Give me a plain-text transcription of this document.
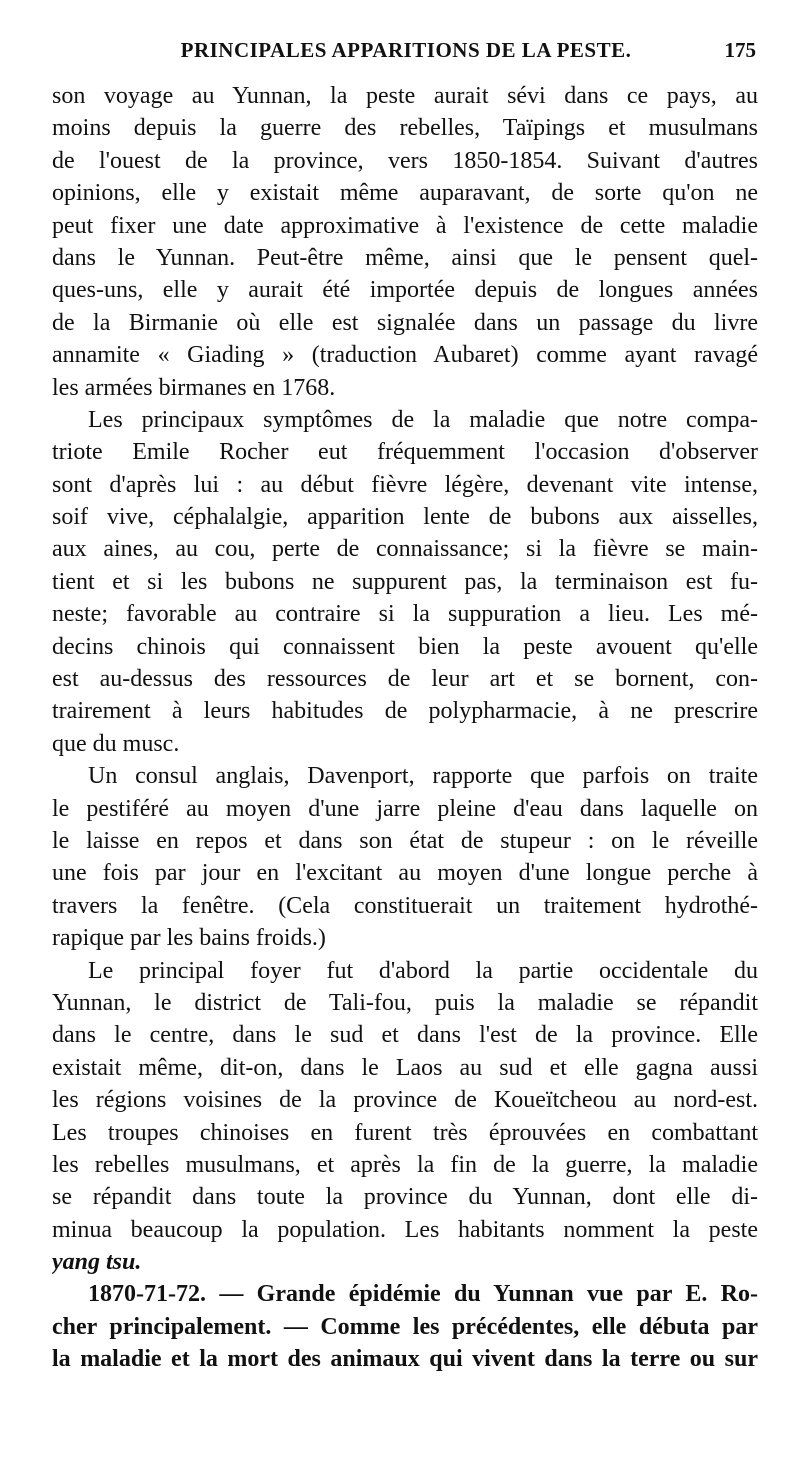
PRINCIPALES APPARITIONS DE LA PESTE.	175
son voyage au Yunnan, la peste aurait sévi dans ce pays, au
moins depuis la guerre des rebelles, Taïpings et musulmans
de l'ouest de la province, vers 1850-1854. Suivant d'autres
opinions, elle y existait même auparavant, de sorte qu'on ne
peut fixer une date approximative à l'existence de cette maladie
dans le Yunnan. Peut-être même, ainsi que le pensent quel-
ques-uns, elle y aurait été importée depuis de longues années
de la Birmanie où elle est signalée dans un passage du livre
annamite « Giading » (traduction Aubaret) comme ayant ravagé
les armées birmanes en 1768.
Les principaux symptômes de la maladie que notre compa-
triote Emile Rocher eut fréquemment l'occasion d'observer
sont d'après lui : au début fièvre légère, devenant vite intense,
soif vive, céphalalgie, apparition lente de bubons aux aisselles,
aux aines, au cou, perte de connaissance; si la fièvre se main-
tient et si les bubons ne suppurent pas, la terminaison est fu-
neste; favorable au contraire si la suppuration a lieu. Les mé-
decins chinois qui connaissent bien la peste avouent qu'elle
est au-dessus des ressources de leur art et se bornent, con-
trairement à leurs habitudes de polypharmacie, à ne prescrire
que du musc.
Un consul anglais, Davenport, rapporte que parfois on traite
le pestiféré au moyen d'une jarre pleine d'eau dans laquelle on
le laisse en repos et dans son état de stupeur : on le réveille
une fois par jour en l'excitant au moyen d'une longue perche à
travers la fenêtre. (Cela constituerait un traitement hydrothé-
rapique par les bains froids.)
Le principal foyer fut d'abord la partie occidentale du
Yunnan, le district de Tali-fou, puis la maladie se répandit
dans le centre, dans le sud et dans l'est de la province. Elle
existait même, dit-on, dans le Laos au sud et elle gagna aussi
les régions voisines de la province de Koueïtcheou au nord-est.
Les troupes chinoises en furent très éprouvées en combattant
les rebelles musulmans, et après la fin de la guerre, la maladie
se répandit dans toute la province du Yunnan, dont elle di-
minua beaucoup la population. Les habitants nomment la peste
yang tsu.
1870-71-72. — Grande épidémie du Yunnan vue par E. Ro-
cher principalement. — Comme les précédentes, elle débuta par
la maladie et la mort des animaux qui vivent dans la terre ou sur
